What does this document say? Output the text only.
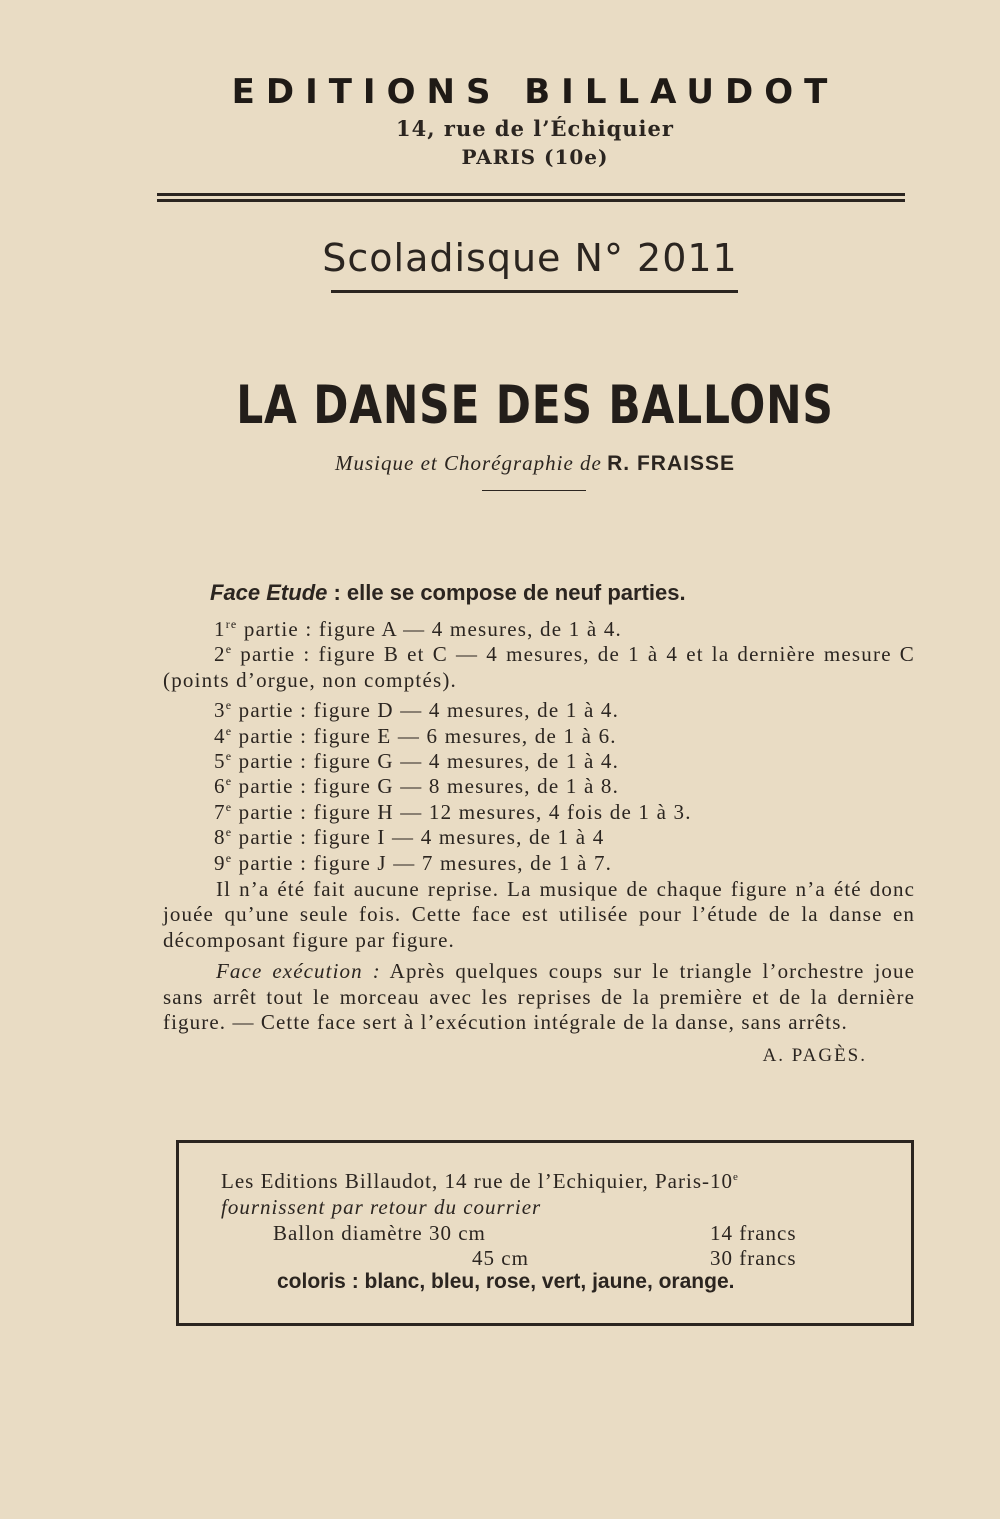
EDITIONS BILLAUDOT
14, rue de l’Échiquier
PARIS (10e)
Scoladisque N° 2011
LA DANSE DES BALLONS
Musique et Chorégraphie de R. FRAISSE
Face Etude : elle se compose de neuf parties.
1re partie : figure A — 4 mesures, de 1 à 4.
2e partie : figure B et C — 4 mesures, de 1 à 4 et la dernière mesure C (points d’orgue, non comptés).
3e partie : figure D — 4 mesures, de 1 à 4.
4e partie : figure E — 6 mesures, de 1 à 6.
5e partie : figure G — 4 mesures, de 1 à 4.
6e partie : figure G — 8 mesures, de 1 à 8.
7e partie : figure H — 12 mesures, 4 fois de 1 à 3.
8e partie : figure I — 4 mesures, de 1 à 4
9e partie : figure J — 7 mesures, de 1 à 7.
Il n’a été fait aucune reprise. La musique de chaque figure n’a été donc jouée qu’une seule fois. Cette face est utilisée pour l’étude de la danse en décomposant figure par figure.
Face exécution : Après quelques coups sur le triangle l’orchestre joue sans arrêt tout le morceau avec les reprises de la première et de la dernière figure. — Cette face sert à l’exécution intégrale de la danse, sans arrêts.
A. PAGÈS.
Les Editions Billaudot, 14 rue de l’Echiquier, Paris-10e
fournissent par retour du courrier
Ballon diamètre 30 cm	14 francs
45 cm	30 francs
coloris : blanc, bleu, rose, vert, jaune, orange.
